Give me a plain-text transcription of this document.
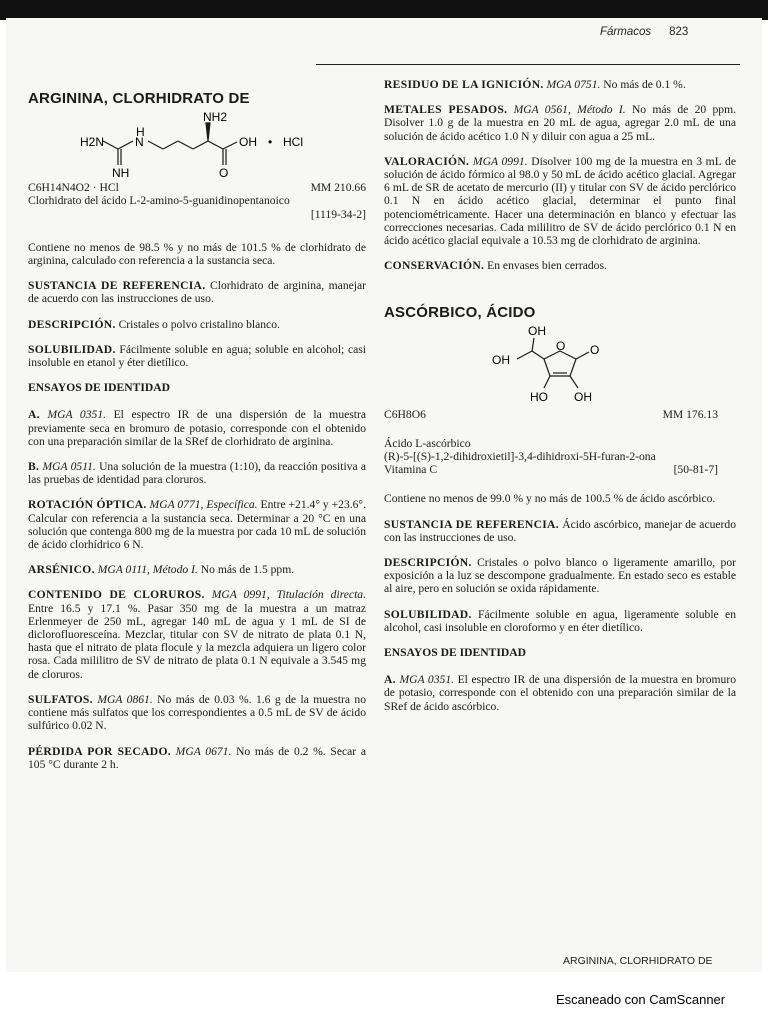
Fármacos 823
ARGININA, CLORHIDRATO DE
NH2
H
H2N	N
NH
OH
O
• HCl
C6H14N4O2 · HCl	MM 210.66

Clorhidrato del ácido L-2-amino-5-guanidinopentanoico

[1119-34-2]

Contiene no menos de 98.5 % y no más de 101.5 % de clorhidrato de arginina, calculado con referencia a la sustancia seca.

SUSTANCIA DE REFERENCIA. Clorhidrato de arginina, manejar de acuerdo con las instrucciones de uso.

DESCRIPCIÓN. Cristales o polvo cristalino blanco.

SOLUBILIDAD. Fácilmente soluble en agua; soluble en alcohol; casi insoluble en etanol y éter dietílico.

ENSAYOS DE IDENTIDAD

A. MGA 0351. El espectro IR de una dispersión de la muestra previamente seca en bromuro de potasio, corresponde con el obtenido con una preparación similar de la SRef de clorhidrato de arginina.

B. MGA 0511. Una solución de la muestra (1:10), da reacción positiva a las pruebas de identidad para cloruros.

ROTACIÓN ÓPTICA. MGA 0771, Específica. Entre +21.4° y +23.6°. Calcular con referencia a la sustancia seca. Determinar a 20 °C en una solución que contenga 800 mg de la muestra por cada 10 mL de solución de ácido clorhídrico 6 N.

ARSÉNICO. MGA 0111, Método I. No más de 1.5 ppm.

CONTENIDO DE CLORUROS. MGA 0991, Titulación directa. Entre 16.5 y 17.1 %. Pasar 350 mg de la muestra a un matraz Erlenmeyer de 250 mL, agregar 140 mL de agua y 1 mL de SI de diclorofluoresceína. Mezclar, titular con SV de nitrato de plata 0.1 N, hasta que el nitrato de plata flocule y la mezcla adquiera un ligero color rosa. Cada mililitro de SV de nitrato de plata 0.1 N equivale a 3.545 mg de cloruros.

SULFATOS. MGA 0861. No más de 0.03 %. 1.6 g de la muestra no contiene más sulfatos que los correspondientes a 0.5 mL de SV de ácido sulfúrico 0.02 N.

PÉRDIDA POR SECADO. MGA 0671. No más de 0.2 %. Secar a 105 °C durante 2 h.

RESIDUO DE LA IGNICIÓN. MGA 0751. No más de 0.1 %.

METALES PESADOS. MGA 0561, Método I. No más de 20 ppm. Disolver 1.0 g de la muestra en 20 mL de agua, agregar 2.0 mL de una solución de ácido acético 1.0 N y diluir con agua a 25 mL.

VALORACIÓN. MGA 0991. Disolver 100 mg de la muestra en 3 mL de solución de ácido fórmico al 98.0 y 50 mL de ácido acético glacial. Agregar 6 mL de SR de acetato de mercurio (II) y titular con SV de ácido perclórico 0.1 N en ácido acético glacial, determinar el punto final potenciométricamente. Hacer una determinación en blanco y efectuar las correcciones necesarias. Cada mililitro de SV de ácido perclórico 0.1 N en ácido acético glacial equivale a 10.53 mg de clorhidrato de arginina.

CONSERVACIÓN. En envases bien cerrados.

ASCÓRBICO, ÁCIDO
OH
OH
O O
HO OH
C6H8O6	MM 176.13

Ácido L-ascórbico

(R)-5-[(S)-1,2-dihidroxietil]-3,4-dihidroxi-5H-furan-2-ona

Vitamina C	[50-81-7]

Contiene no menos de 99.0 % y no más de 100.5 % de ácido ascórbico.

SUSTANCIA DE REFERENCIA. Ácido ascórbico, manejar de acuerdo con las instrucciones de uso.

DESCRIPCIÓN. Cristales o polvo blanco o ligeramente amarillo, por exposición a la luz se descompone gradualmente. En estado seco es estable al aire, pero en solución se oxida rápidamente.

SOLUBILIDAD. Fácilmente soluble en agua, ligeramente soluble en alcohol, casi insoluble en cloroformo y en éter dietílico.

ENSAYOS DE IDENTIDAD

A. MGA 0351. El espectro IR de una dispersión de la muestra en bromuro de potasio, corresponde con el obtenido con una preparación similar de la SRef de ácido ascórbico.

ARGININA, CLORHIDRATO DE
Escaneado con CamScanner
